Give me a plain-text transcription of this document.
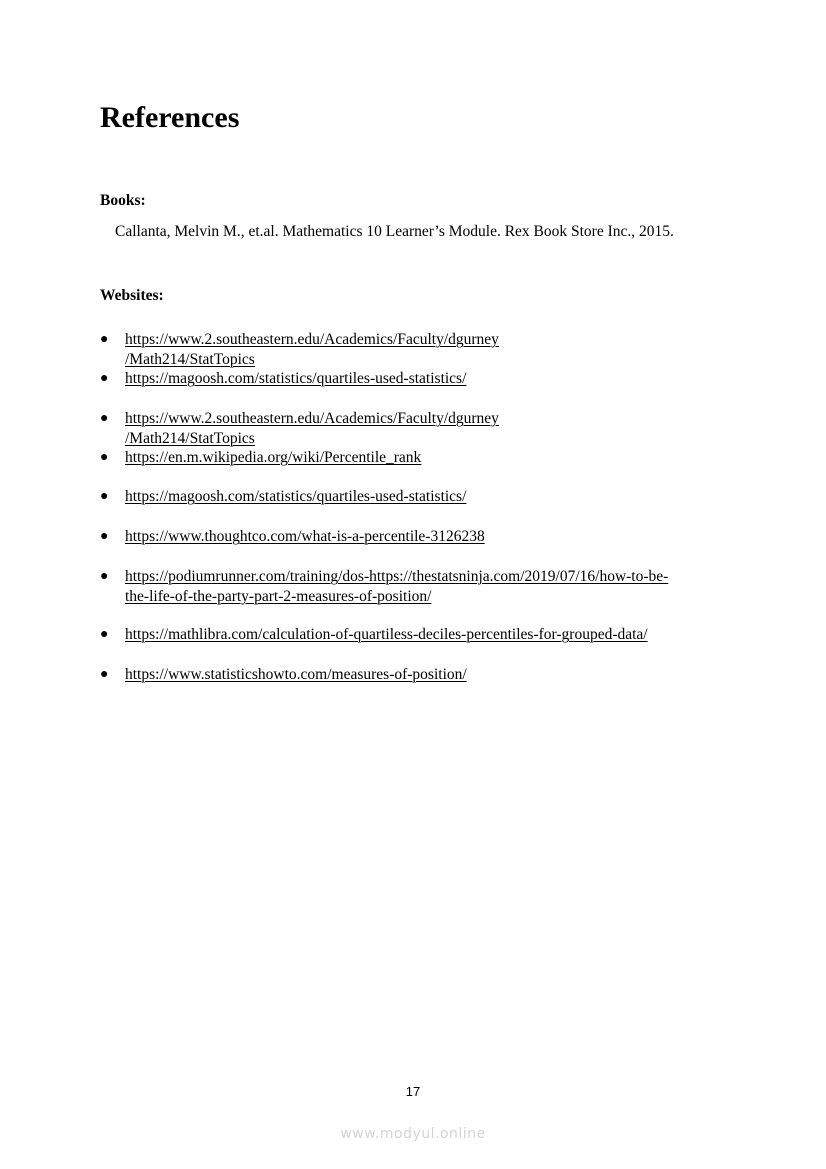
References
Books:

Callanta, Melvin M., et.al. Mathematics 10 Learner’s Module. Rex Book Store Inc., 2015.

Websites:
● https://www.2.southeastern.edu/Academics/Faculty/dgurney
/Math214/StatTopics
● https://magoosh.com/statistics/quartiles-used-statistics/
● https://www.2.southeastern.edu/Academics/Faculty/dgurney
/Math214/StatTopics
● https://en.m.wikipedia.org/wiki/Percentile_rank
● https://magoosh.com/statistics/quartiles-used-statistics/
● https://www.thoughtco.com/what-is-a-percentile-3126238
● https://podiumrunner.com/training/dos-https://thestatsninja.com/2019/07/16/how-to-be-
the-life-of-the-party-part-2-measures-of-position/
● https://mathlibra.com/calculation-of-quartiless-deciles-percentiles-for-grouped-data/
● https://www.statisticshowto.com/measures-of-position/
17
www.modyul.online
